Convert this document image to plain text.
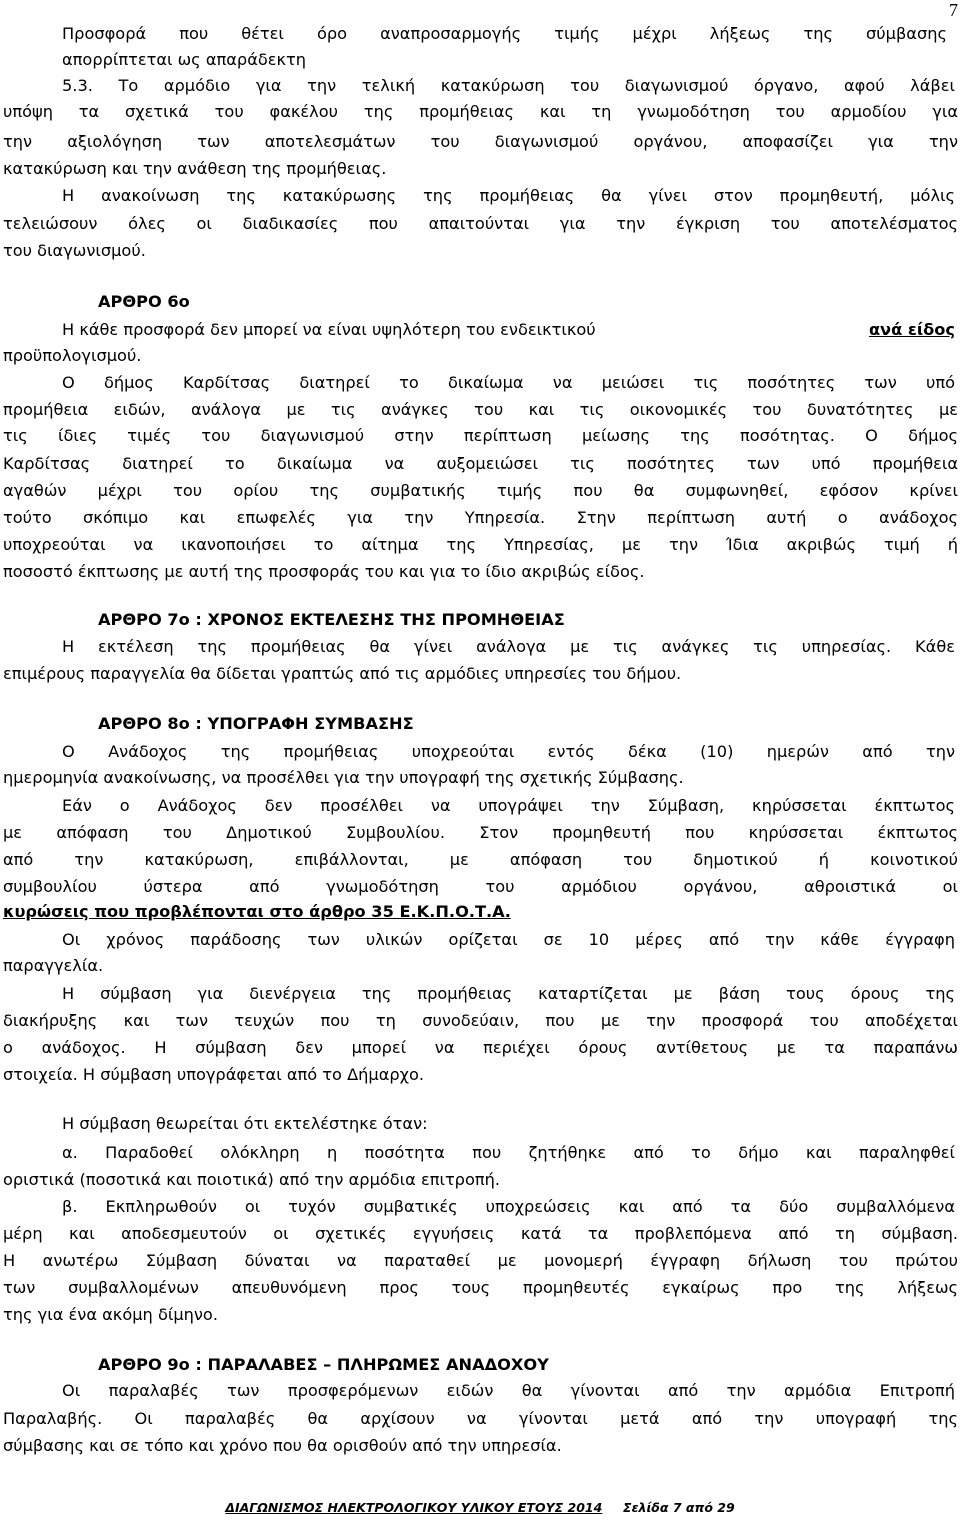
7
Προσφορά που θέτει όρο αναπροσαρμογής τιμής μέχρι λήξεως της σύμβασης
απορρίπτεται ως απαράδεκτη
5.3. Το αρμόδιο για την τελική κατακύρωση του διαγωνισμού όργανο, αφού λάβει
υπόψη τα σχετικά του φακέλου της προμήθειας και τη γνωμοδότηση του αρμοδίου για
την αξιολόγηση των αποτελεσμάτων του διαγωνισμού οργάνου, αποφασίζει για την
κατακύρωση και την ανάθεση της προμήθειας.
Η ανακοίνωση της κατακύρωσης της προμήθειας θα γίνει στον προμηθευτή, μόλις
τελειώσουν όλες οι διαδικασίες που απαιτούνται για την έγκριση του αποτελέσματος
του διαγωνισμού.
ΑΡΘΡΟ 6ο
Η κάθε προσφορά δεν μπορεί να είναι υψηλότερη του ενδεικτικού	ανά είδος
προϋπολογισμού.
Ο δήμος Καρδίτσας διατηρεί το δικαίωμα να μειώσει τις ποσότητες των υπό
προμήθεια ειδών, ανάλογα με τις ανάγκες του και τις οικονομικές του δυνατότητες με
τις ίδιες τιμές του διαγωνισμού στην περίπτωση μείωσης της ποσότητας. Ο δήμος
Καρδίτσας διατηρεί το δικαίωμα να αυξομειώσει τις ποσότητες των υπό προμήθεια
αγαθών μέχρι του ορίου της συμβατικής τιμής που θα συμφωνηθεί, εφόσον κρίνει
τούτο σκόπιμο και επωφελές για την Υπηρεσία. Στην περίπτωση αυτή ο ανάδοχος
υποχρεούται να ικανοποιήσει το αίτημα της Υπηρεσίας, με την Ίδια ακριβώς τιμή ή
ποσοστό έκπτωσης με αυτή της προσφοράς του και για το ίδιο ακριβώς είδος.
ΑΡΘΡΟ 7ο : ΧΡΟΝΟΣ ΕΚΤΕΛΕΣΗΣ ΤΗΣ ΠΡΟΜΗΘΕΙΑΣ
Η εκτέλεση της προμήθειας θα γίνει ανάλογα με τις ανάγκες τις υπηρεσίας. Κάθε
επιμέρους παραγγελία θα δίδεται γραπτώς από τις αρμόδιες υπηρεσίες του δήμου.
ΑΡΘΡΟ 8ο : ΥΠΟΓΡΑΦΗ ΣΥΜΒΑΣΗΣ
Ο Ανάδοχος της προμήθειας υποχρεούται εντός δέκα (10) ημερών από την
ημερομηνία ανακοίνωσης, να προσέλθει για την υπογραφή της σχετικής Σύμβασης.
Εάν ο Ανάδοχος δεν προσέλθει να υπογράψει την Σύμβαση, κηρύσσεται έκπτωτος
με απόφαση του Δημοτικού Συμβουλίου. Στον προμηθευτή που κηρύσσεται έκπτωτος
από την κατακύρωση, επιβάλλονται, με απόφαση του δημοτικού ή κοινοτικού
συμβουλίου ύστερα από γνωμοδότηση του αρμόδιου οργάνου, αθροιστικά οι
κυρώσεις που προβλέπονται στο άρθρο 35 Ε.Κ.Π.Ο.Τ.Α.
Οι χρόνος παράδοσης των υλικών ορίζεται σε 10 μέρες από την κάθε έγγραφη
παραγγελία.
Η σύμβαση για διενέργεια της προμήθειας καταρτίζεται με βάση τους όρους της
διακήρυξης και των τευχών που τη συνοδεύαιν, που με την προσφορά του αποδέχεται
ο ανάδοχος. Η σύμβαση δεν μπορεί να περιέχει όρους αντίθετους με τα παραπάνω
στοιχεία. Η σύμβαση υπογράφεται από το Δήμαρχο.
Η σύμβαση θεωρείται ότι εκτελέστηκε όταν:
α. Παραδοθεί ολόκληρη η ποσότητα που ζητήθηκε από το δήμο και παραληφθεί
οριστικά (ποσοτικά και ποιοτικά) από την αρμόδια επιτροπή.
β. Εκπληρωθούν οι τυχόν συμβατικές υποχρεώσεις και από τα δύο συμβαλλόμενα
μέρη και αποδεσμευτούν οι σχετικές εγγυήσεις κατά τα προβλεπόμενα από τη σύμβαση.
Η ανωτέρω Σύμβαση δύναται να παραταθεί με μονομερή έγγραφη δήλωση του πρώτου
των συμβαλλομένων απευθυνόμενη προς τους προμηθευτές εγκαίρως προ της λήξεως
της για ένα ακόμη δίμηνο.
ΑΡΘΡΟ 9ο : ΠΑΡΑΛΑΒΕΣ – ΠΛΗΡΩΜΕΣ ΑΝΑΔΟΧΟΥ
Οι παραλαβές των προσφερόμενων ειδών θα γίνονται από την αρμόδια Επιτροπή
Παραλαβής. Οι παραλαβές θα αρχίσουν να γίνονται μετά από την υπογραφή της
σύμβασης και σε τόπο και χρόνο που θα ορισθούν από την υπηρεσία.
ΔΙΑΓΩΝΙΣΜΟΣ ΗΛΕΚΤΡΟΛΟΓΙΚΟΥ ΥΛΙΚΟΥ ΕΤΟΥΣ 2014 Σελίδα 7 από 29
